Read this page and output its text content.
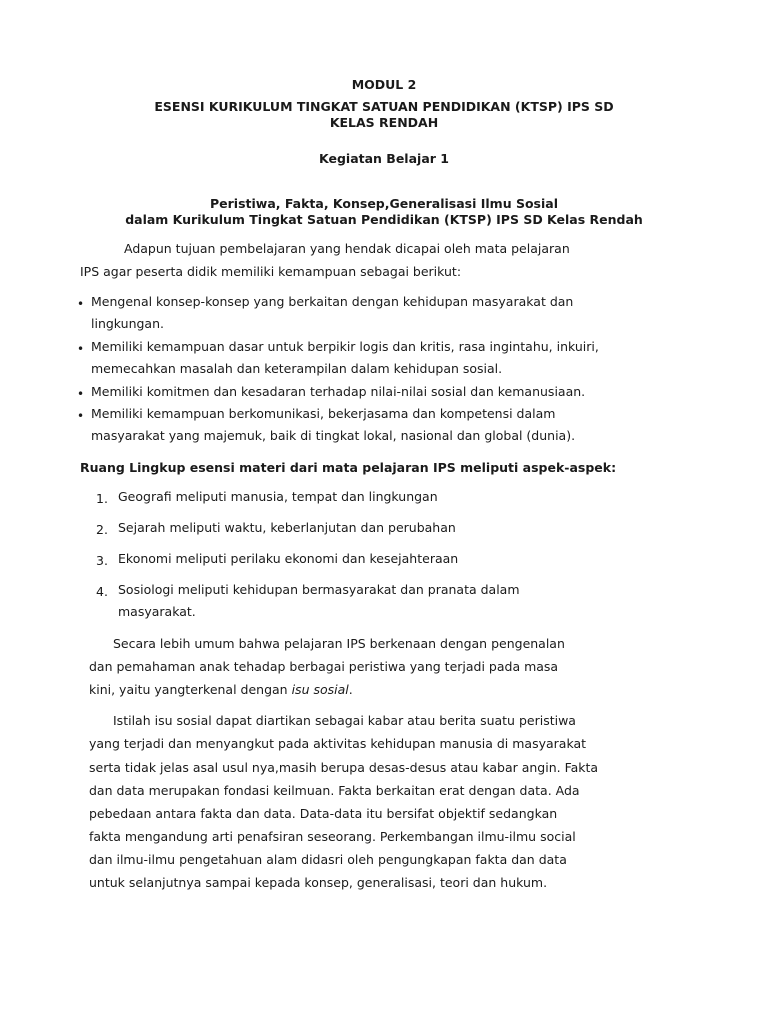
MODUL 2
ESENSI KURIKULUM TINGKAT SATUAN PENDIDIKAN (KTSP) IPS SD
KELAS RENDAH
Kegiatan Belajar 1
Peristiwa, Fakta, Konsep,Generalisasi Ilmu Sosial
dalam Kurikulum Tingkat Satuan Pendidikan (KTSP) IPS SD Kelas Rendah
Adapun tujuan pembelajaran yang hendak dicapai oleh mata pelajaran
IPS agar peserta didik memiliki kemampuan sebagai berikut:
• Mengenal konsep-konsep yang berkaitan dengan kehidupan masyarakat dan
lingkungan.
• Memiliki kemampuan dasar untuk berpikir logis dan kritis, rasa ingintahu, inkuiri,
memecahkan masalah dan keterampilan dalam kehidupan sosial.
• Memiliki komitmen dan kesadaran terhadap nilai-nilai sosial dan kemanusiaan.
• Memiliki kemampuan berkomunikasi, bekerjasama dan kompetensi dalam
masyarakat yang majemuk, baik di tingkat lokal, nasional dan global (dunia).
Ruang Lingkup esensi materi dari mata pelajaran IPS meliputi aspek-aspek:
1. Geografi meliputi manusia, tempat dan lingkungan
2. Sejarah meliputi waktu, keberlanjutan dan perubahan
3. Ekonomi meliputi perilaku ekonomi dan kesejahteraan
4. Sosiologi meliputi kehidupan bermasyarakat dan pranata dalam
masyarakat.
Secara lebih umum bahwa pelajaran IPS berkenaan dengan pengenalan
dan pemahaman anak tehadap berbagai peristiwa yang terjadi pada masa
kini, yaitu yangterkenal dengan isu sosial.
Istilah isu sosial dapat diartikan sebagai kabar atau berita suatu peristiwa
yang terjadi dan menyangkut pada aktivitas kehidupan manusia di masyarakat
serta tidak jelas asal usul nya,masih berupa desas-desus atau kabar angin. Fakta
dan data merupakan fondasi keilmuan. Fakta berkaitan erat dengan data. Ada
pebedaan antara fakta dan data. Data-data itu bersifat objektif sedangkan
fakta mengandung arti penafsiran seseorang. Perkembangan ilmu-ilmu social
dan ilmu-ilmu pengetahuan alam didasri oleh pengungkapan fakta dan data
untuk selanjutnya sampai kepada konsep, generalisasi, teori dan hukum.
